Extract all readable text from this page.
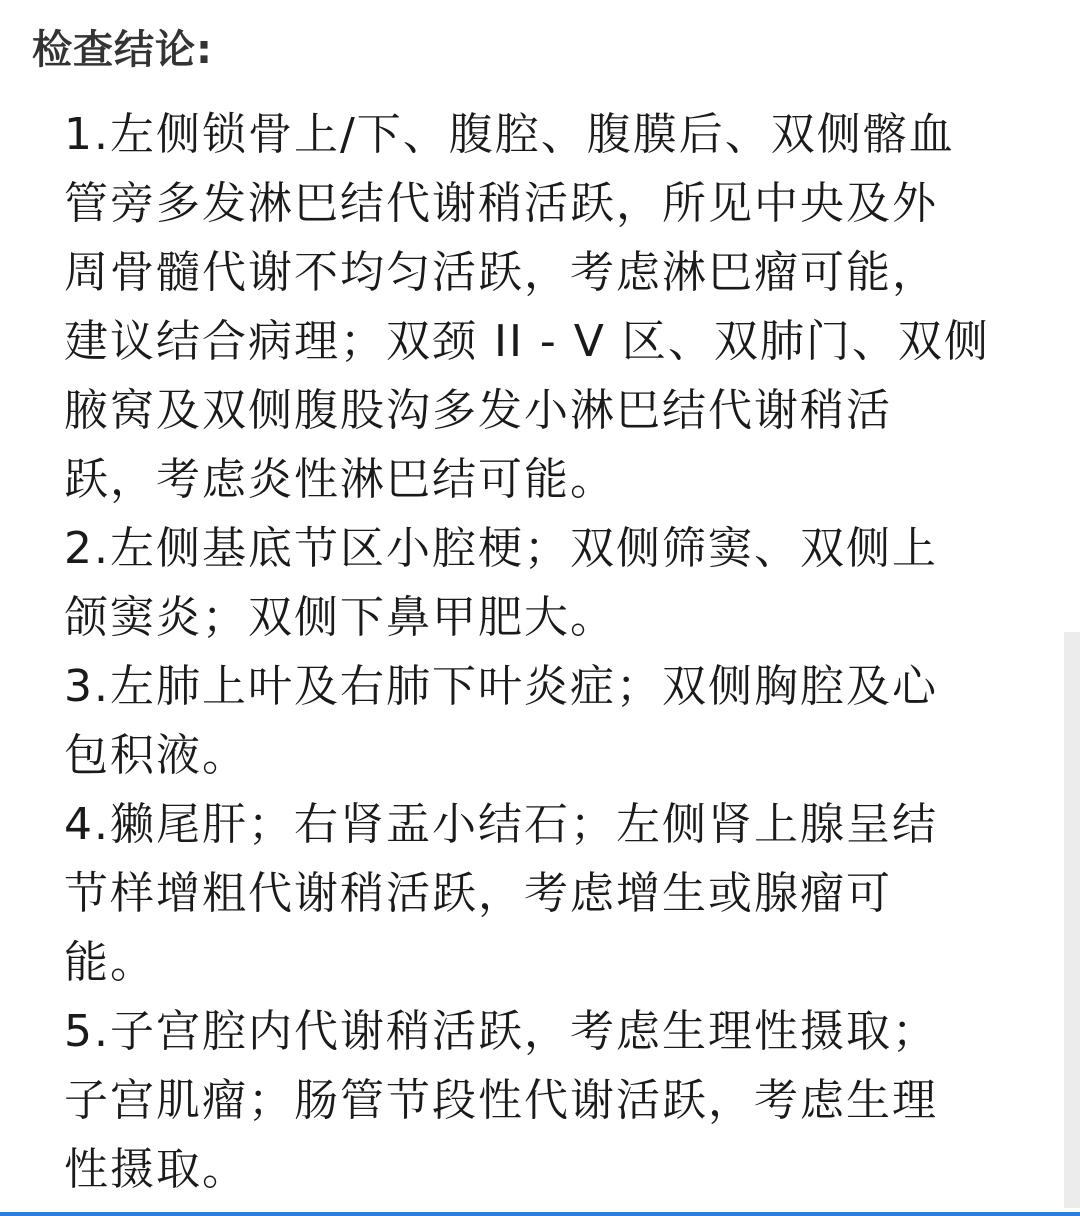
检查结论:
1.左侧锁骨上/下、腹腔、腹膜后、双侧髂血
管旁多发淋巴结代谢稍活跃，所见中央及外
周骨髓代谢不均匀活跃，考虑淋巴瘤可能，
建议结合病理；双颈 II - V 区、双肺门、双侧
腋窝及双侧腹股沟多发小淋巴结代谢稍活
跃，考虑炎性淋巴结可能。
2.左侧基底节区小腔梗；双侧筛窦、双侧上
颌窦炎；双侧下鼻甲肥大。
3.左肺上叶及右肺下叶炎症；双侧胸腔及心
包积液。
4.獭尾肝；右肾盂小结石；左侧肾上腺呈结
节样增粗代谢稍活跃，考虑增生或腺瘤可
能。
5.子宫腔内代谢稍活跃，考虑生理性摄取；
子宫肌瘤；肠管节段性代谢活跃，考虑生理
性摄取。
